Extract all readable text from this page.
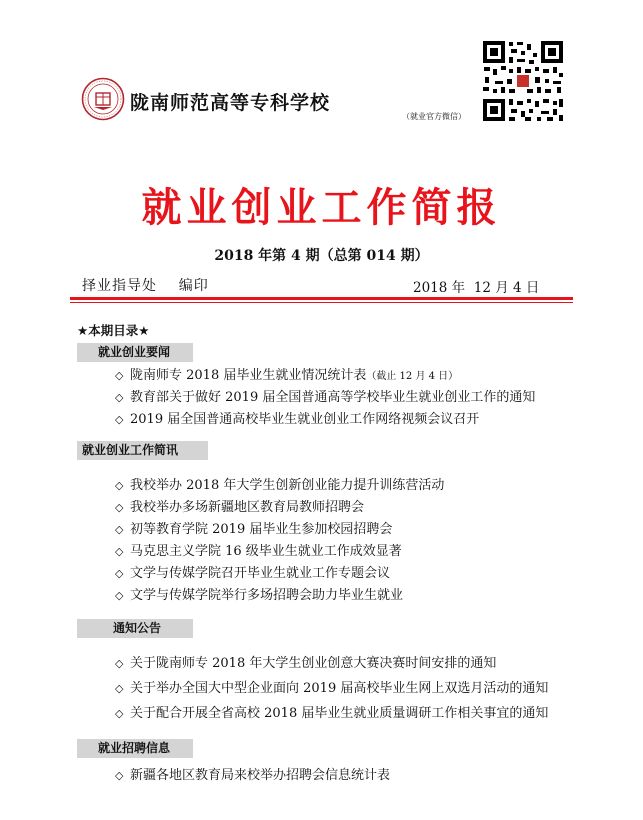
陇南师范高等专科学校
（就业官方微信）
就业创业工作简报
2018 年第 4 期（总第 014 期）
择业指导处    编印	2018 年  12 月 4 日
★本期目录★
就业创业要闻
◇ 陇南师专 2018 届毕业生就业情况统计表（截止 12 月 4 日）
◇ 教育部关于做好 2019 届全国普通高等学校毕业生就业创业工作的通知
◇ 2019 届全国普通高校毕业生就业创业工作网络视频会议召开
就业创业工作简讯
◇ 我校举办 2018 年大学生创新创业能力提升训练营活动
◇ 我校举办多场新疆地区教育局教师招聘会
◇ 初等教育学院 2019 届毕业生参加校园招聘会
◇ 马克思主义学院 16 级毕业生就业工作成效显著
◇ 文学与传媒学院召开毕业生就业工作专题会议
◇ 文学与传媒学院举行多场招聘会助力毕业生就业
通知公告
◇ 关于陇南师专 2018 年大学生创业创意大赛决赛时间安排的通知
◇ 关于举办全国大中型企业面向 2019 届高校毕业生网上双选月活动的通知
◇ 关于配合开展全省高校 2018 届毕业生就业质量调研工作相关事宜的通知
就业招聘信息
◇ 新疆各地区教育局来校举办招聘会信息统计表
